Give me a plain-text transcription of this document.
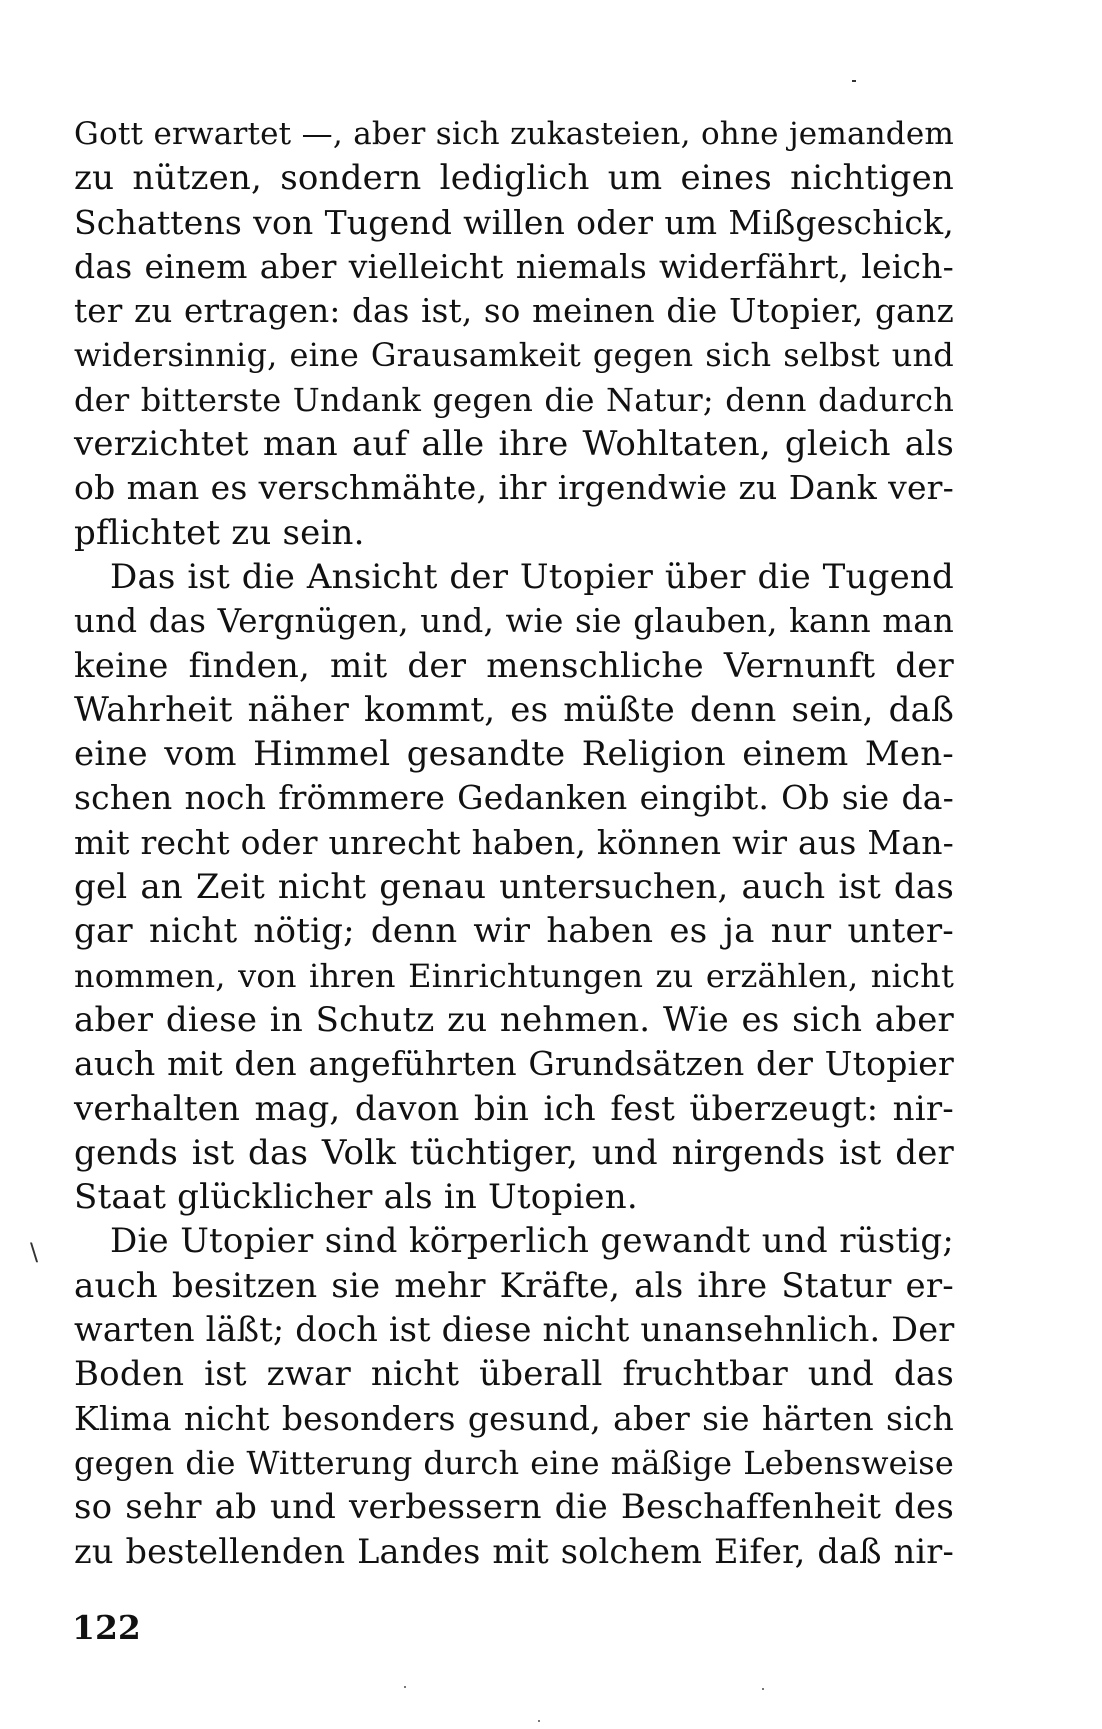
Gott erwartet —, aber sich zukasteien, ohne jemandem
zu nützen, sondern lediglich um eines nichtigen
Schattens von Tugend willen oder um Mißgeschick,
das einem aber vielleicht niemals widerfährt, leich-
ter zu ertragen: das ist, so meinen die Utopier, ganz
widersinnig, eine Grausamkeit gegen sich selbst und
der bitterste Undank gegen die Natur; denn dadurch
verzichtet man auf alle ihre Wohltaten, gleich als
ob man es verschmähte, ihr irgendwie zu Dank ver-
pflichtet zu sein.
Das ist die Ansicht der Utopier über die Tugend
und das Vergnügen, und, wie sie glauben, kann man
keine finden, mit der menschliche Vernunft der
Wahrheit näher kommt, es müßte denn sein, daß
eine vom Himmel gesandte Religion einem Men-
schen noch frömmere Gedanken eingibt. Ob sie da-
mit recht oder unrecht haben, können wir aus Man-
gel an Zeit nicht genau untersuchen, auch ist das
gar nicht nötig; denn wir haben es ja nur unter-
nommen, von ihren Einrichtungen zu erzählen, nicht
aber diese in Schutz zu nehmen. Wie es sich aber
auch mit den angeführten Grundsätzen der Utopier
verhalten mag, davon bin ich fest überzeugt: nir-
gends ist das Volk tüchtiger, und nirgends ist der
Staat glücklicher als in Utopien.
Die Utopier sind körperlich gewandt und rüstig;
auch besitzen sie mehr Kräfte, als ihre Statur er-
warten läßt; doch ist diese nicht unansehnlich. Der
Boden ist zwar nicht überall fruchtbar und das
Klima nicht besonders gesund, aber sie härten sich
gegen die Witterung durch eine mäßige Lebensweise
so sehr ab und verbessern die Beschaffenheit des
zu bestellenden Landes mit solchem Eifer, daß nir-
\
122
